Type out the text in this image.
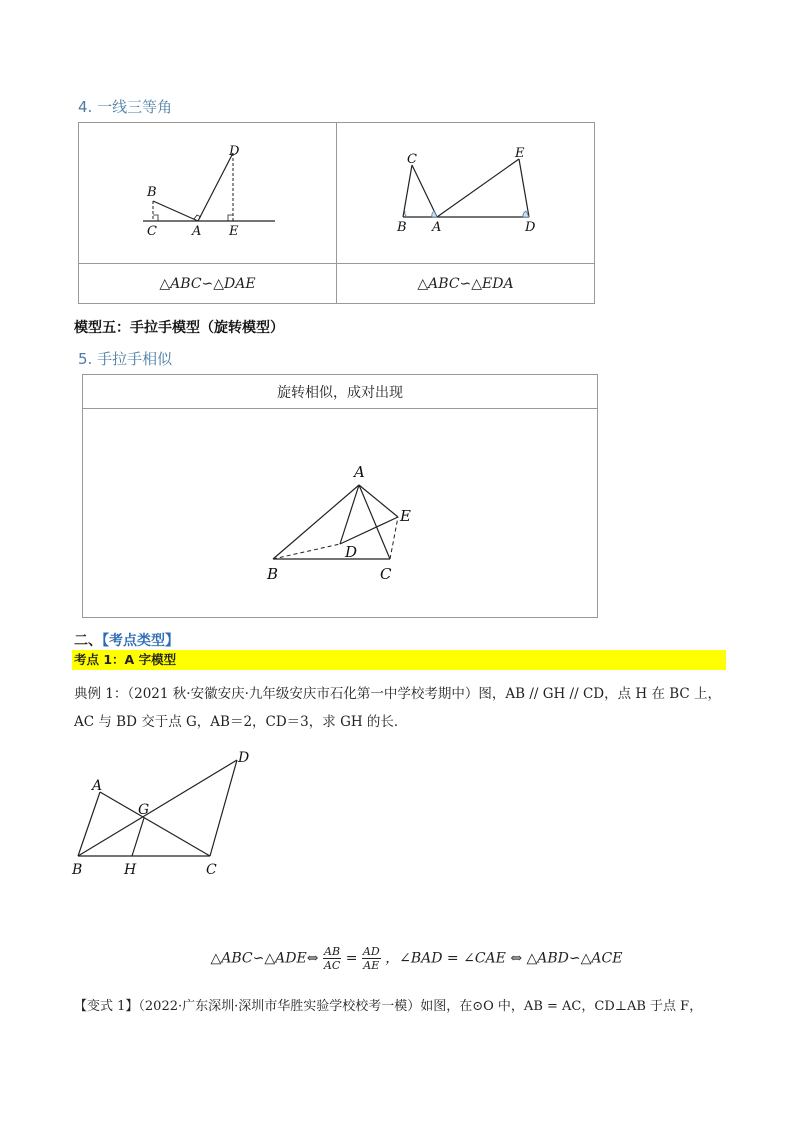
4. 一线三等角
B
C A
D
E	C
B A
E
D

△ABC∽△DAE	△ABC∽△EDA
模型五：手拉手模型（旋转模型）
5. 手拉手相似
旋转相似，成对出现

A
B	C
D
E
△ABC∽△ADE⇔ $\frac{AB}{AC} = \frac{AD}{AE}$ ，∠BAD = ∠CAE ⇔ △ABD∽△ACE
二、【考点类型】
考点 1：A 字模型
典例 1：（2021 秋·安徽安庆·九年级安庆市石化第一中学校考期中）图，AB // GH // CD，点 H 在 BC 上，
AC 与 BD 交于点 G，AB＝2，CD＝3，求 GH 的长．
A
B	C
D
G
H
【变式 1】（2022·广东深圳·深圳市华胜实验学校校考一模）如图，在⊙O 中，AB = AC，CD⊥AB 于点 F，
